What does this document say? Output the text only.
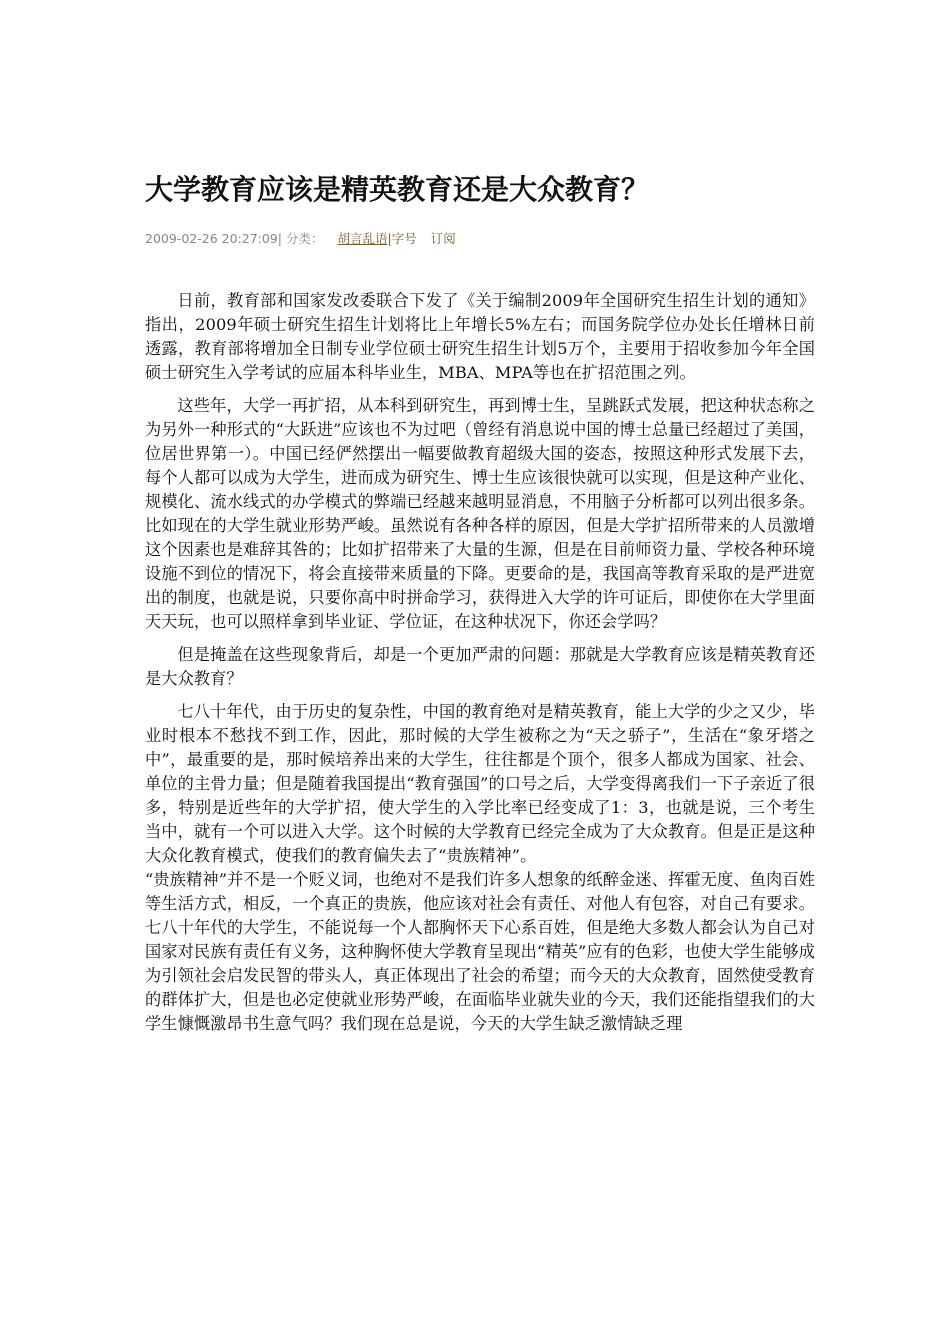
大学教育应该是精英教育还是大众教育？
2009-02-26 20:27:09| 分类： 胡言乱语|字号 订阅

日前，教育部和国家发改委联合下发了《关于编制2009年全国研究生招生计划的通知》指出，2009年硕士研究生招生计划将比上年增长5%左右；而国务院学位办处长任增林日前透露，教育部将增加全日制专业学位硕士研究生招生计划5万个，主要用于招收参加今年全国硕士研究生入学考试的应届本科毕业生，MBA、MPA等也在扩招范围之列。

这些年，大学一再扩招，从本科到研究生，再到博士生，呈跳跃式发展，把这种状态称之为另外一种形式的“大跃进”应该也不为过吧（曾经有消息说中国的博士总量已经超过了美国，位居世界第一）。中国已经俨然摆出一幅要做教育超级大国的姿态，按照这种形式发展下去，每个人都可以成为大学生，进而成为研究生、博士生应该很快就可以实现，但是这种产业化、规模化、流水线式的办学模式的弊端已经越来越明显消息，不用脑子分析都可以列出很多条。比如现在的大学生就业形势严峻。虽然说有各种各样的原因，但是大学扩招所带来的人员激增这个因素也是难辞其咎的；比如扩招带来了大量的生源，但是在目前师资力量、学校各种环境设施不到位的情况下，将会直接带来质量的下降。更要命的是，我国高等教育采取的是严进宽出的制度，也就是说，只要你高中时拼命学习，获得进入大学的许可证后，即使你在大学里面天天玩，也可以照样拿到毕业证、学位证，在这种状况下，你还会学吗？

但是掩盖在这些现象背后，却是一个更加严肃的问题：那就是大学教育应该是精英教育还是大众教育？

七八十年代，由于历史的复杂性，中国的教育绝对是精英教育，能上大学的少之又少，毕业时根本不愁找不到工作，因此，那时候的大学生被称之为“天之骄子”，生活在“象牙塔之中”，最重要的是，那时候培养出来的大学生，往往都是个顶个，很多人都成为国家、社会、单位的主骨力量；但是随着我国提出“教育强国”的口号之后，大学变得离我们一下子亲近了很多，特别是近些年的大学扩招，使大学生的入学比率已经变成了1：3，也就是说，三个考生当中，就有一个可以进入大学。这个时候的大学教育已经完全成为了大众教育。但是正是这种大众化教育模式，使我们的教育偏失去了“贵族精神”。

“贵族精神”并不是一个贬义词，也绝对不是我们许多人想象的纸醉金迷、挥霍无度、鱼肉百姓等生活方式，相反，一个真正的贵族，他应该对社会有责任、对他人有包容，对自己有要求。七八十年代的大学生，不能说每一个人都胸怀天下心系百姓，但是绝大多数人都会认为自己对国家对民族有责任有义务，这种胸怀使大学教育呈现出“精英”应有的色彩，也使大学生能够成为引领社会启发民智的带头人，真正体现出了社会的希望；而今天的大众教育，固然使受教育的群体扩大，但是也必定使就业形势严峻，在面临毕业就失业的今天，我们还能指望我们的大学生慷慨激昂书生意气吗？我们现在总是说，今天的大学生缺乏激情缺乏理
